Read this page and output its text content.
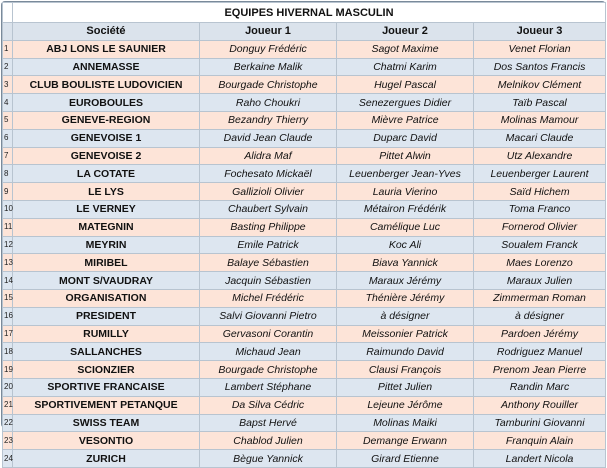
	EQUIPES HIVERNAL MASCULIN			
	Société	Joueur 1	Joueur 2	Joueur 3
1	ABJ LONS LE SAUNIER	Donguy Frédéric	Sagot Maxime	Venet Florian
2	ANNEMASSE	Berkaine Malik	Chatmi Karim	Dos Santos Francis
3	CLUB BOULISTE LUDOVICIEN	Bourgade Christophe	Hugel Pascal	Melnikov Clément
4	EUROBOULES	Raho Choukri	Senezergues Didier	Taïb Pascal
5	GENEVE-REGION	Bezandry Thierry	Mièvre Patrice	Molinas Mamour
6	GENEVOISE 1	David Jean Claude	Duparc David	Macari Claude
7	GENEVOISE 2	Alidra Maf	Pittet Alwin	Utz Alexandre
8	LA COTATE	Fochesato Mickaël	Leuenberger Jean-Yves	Leuenberger Laurent
9	LE LYS	Gallizioli Olivier	Lauria Vierino	Saïd Hichem
10	LE VERNEY	Chaubert Sylvain	Métairon Frédérik	Toma Franco
11	MATEGNIN	Basting Philippe	Camélique Luc	Fornerod Olivier
12	MEYRIN	Emile Patrick	Koc Ali	Soualem Franck
13	MIRIBEL	Balaye Sébastien	Biava Yannick	Maes Lorenzo
14	MONT S/VAUDRAY	Jacquin Sébastien	Maraux Jérémy	Maraux Julien
15	ORGANISATION	Michel Frédéric	Thénière Jérémy	Zimmerman Roman
16	PRESIDENT	Salvi Giovanni Pietro	à désigner	à désigner
17	RUMILLY	Gervasoni Corantin	Meissonier Patrick	Pardoen Jérémy
18	SALLANCHES	Michaud Jean	Raimundo David	Rodriguez Manuel
19	SCIONZIER	Bourgade Christophe	Clausi François	Prenom Jean Pierre
20	SPORTIVE FRANCAISE	Lambert Stéphane	Pittet Julien	Randin Marc
21	SPORTIVEMENT PETANQUE	Da Silva Cédric	Lejeune Jérôme	Anthony Rouiller
22	SWISS TEAM	Bapst Hervé	Molinas Maiki	Tamburini Giovanni
23	VESONTIO	Chablod Julien	Demange Erwann	Franquin Alain
24	ZURICH	Bègue Yannick	Girard Etienne	Landert Nicola
